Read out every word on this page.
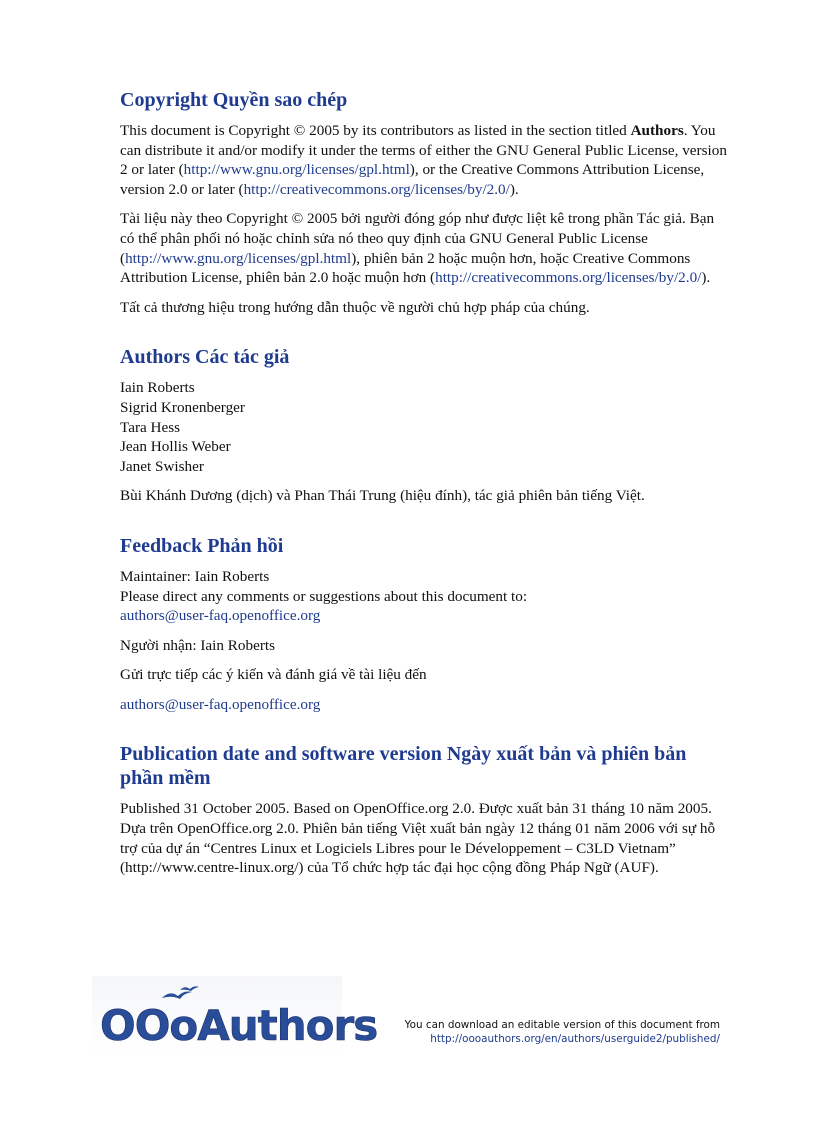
Copyright Quyền sao chép

This document is Copyright © 2005 by its contributors as listed in the section titled Authors. You can distribute it and/or modify it under the terms of either the GNU General Public License, version 2 or later (http://www.gnu.org/licenses/gpl.html), or the Creative Commons Attribution License, version 2.0 or later (http://creativecommons.org/licenses/by/2.0/).

Tài liệu này theo Copyright © 2005 bởi người đóng góp như được liệt kê trong phần Tác giả. Bạn có thể phân phối nó hoặc chỉnh sửa nó theo quy định của GNU General Public License (http://www.gnu.org/licenses/gpl.html), phiên bản 2 hoặc muộn hơn, hoặc Creative Commons Attribution License, phiên bản 2.0 hoặc muộn hơn (http://creativecommons.org/licenses/by/2.0/).

Tất cả thương hiệu trong hướng dẫn thuộc về người chủ hợp pháp của chúng.

Authors Các tác giả

Iain Roberts
Sigrid Kronenberger
Tara Hess
Jean Hollis Weber
Janet Swisher

Bùi Khánh Dương (dịch) và Phan Thái Trung (hiệu đính), tác giả phiên bản tiếng Việt.

Feedback Phản hồi

Maintainer: Iain Roberts
Please direct any comments or suggestions about this document to:
authors@user-faq.openoffice.org

Người nhận: Iain Roberts

Gửi trực tiếp các ý kiến và đánh giá về tài liệu đến

authors@user-faq.openoffice.org

Publication date and software version Ngày xuất bản và phiên bản phần mềm

Published 31 October 2005. Based on OpenOffice.org 2.0. Được xuất bản 31 tháng 10 năm 2005. Dựa trên OpenOffice.org 2.0. Phiên bản tiếng Việt xuất bản ngày 12 tháng 01 năm 2006 với sự hỗ trợ của dự án “Centres Linux et Logiciels Libres pour le Développement – C3LD Vietnam” (http://www.centre-linux.org/) của Tổ chức hợp tác đại học cộng đồng Pháp Ngữ (AUF).

OOoAuthors	You can download an editable version of this document from
http://oooauthors.org/en/authors/userguide2/published/
